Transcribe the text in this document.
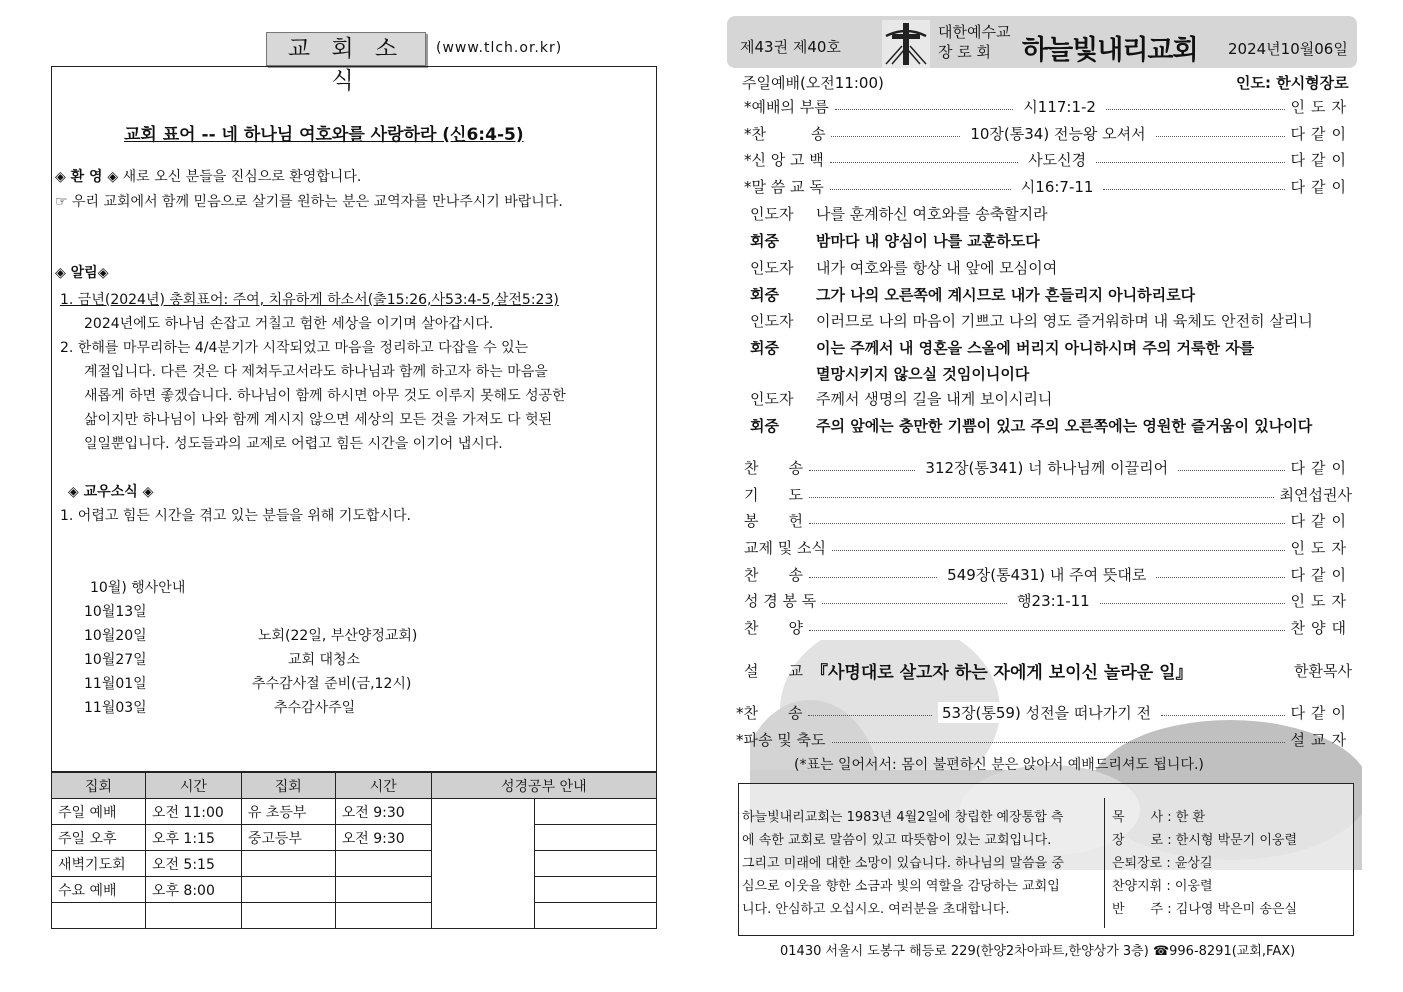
교 회 소 식
(www.tlch.or.kr)
교회 표어 -- 네 하나님 여호와를 사랑하라 (신6:4-5)
◈ 환 영 ◈ 새로 오신 분들을 진심으로 환영합니다.
☞ 우리 교회에서 함께 믿음으로 살기를 원하는 분은 교역자를 만나주시기 바랍니다.
◈ 알림◈
1. 금년(2024년) 총회표어: 주여, 치유하게 하소서(출15:26,사53:4-5,살전5:23)
2024년에도 하나님 손잡고 거칠고 험한 세상을 이기며 살아갑시다.
2. 한해를 마무리하는 4/4분기가 시작되었고 마음을 정리하고 다잡을 수 있는
계절입니다. 다른 것은 다 제쳐두고서라도 하나님과 함께 하고자 하는 마음을
새롭게 하면 좋겠습니다. 하나님이 함께 하시면 아무 것도 이루지 못해도 성공한
삶이지만 하나님이 나와 함께 계시지 않으면 세상의 모든 것을 가져도 다 헛된
일일뿐입니다. 성도들과의 교제로 어렵고 힘든 시간을 이기어 냅시다.
◈ 교우소식 ◈
1. 어렵고 힘든 시간을 겪고 있는 분들을 위해 기도합시다.
10월) 행사안내
10월13일
10월20일	노회(22일, 부산양정교회)
10월27일	교회 대청소
11월01일	추수감사절 준비(금,12시)
11월03일	추수감사주일
집회	시간	집회	시간	성경공부 안내	
주일 예배	오전 11:00	유 초등부	오전 9:30		
주일 오후	오후 1:15	중고등부	오전 9:30		
새벽기도회	오전 5:15				
수요 예배	오후 8:00				

제43권 제40호
대한예수교
장 로 회	하늘빛내리교회 2024년10월06일
주일예배(오전11:00)	인도: 한시형장로
*예배의 부름	시117:1-2	인도자
*찬　　　송	10장(통34) 전능왕 오셔서	다같이
*신 앙 고 백	사도신경	다같이
*말 씀 교 독	시16:7-11	다같이
인도자 나를 훈계하신 여호와를 송축할지라
회중 밤마다 내 양심이 나를 교훈하도다
인도자 내가 여호와를 항상 내 앞에 모심이여
회중 그가 나의 오른쪽에 계시므로 내가 흔들리지 아니하리로다
인도자 이러므로 나의 마음이 기쁘고 나의 영도 즐거워하며 내 육체도 안전히 살리니
회중 이는 주께서 내 영혼을 스올에 버리지 아니하시며 주의 거룩한 자를
멸망시키지 않으실 것임이니이다
인도자 주께서 생명의 길을 내게 보이시리니
회중 주의 앞에는 충만한 기쁨이 있고 주의 오른쪽에는 영원한 즐거움이 있나이다
찬　　송	312장(통341) 너 하나님께 이끌리어	다같이
기　　도	최연섭권사
봉　　헌	다같이
교제 및 소식	인도자
찬　　송	549장(통431) 내 주여 뜻대로	다같이
성 경 봉 독	행23:1-11	인도자
찬　　양	찬양대
설　　교 『사명대로 살고자 하는 자에게 보이신 놀라운 일』	한환목사
*찬　　송	53장(통59) 성전을 떠나가기 전	다같이
*파송 및 축도	설교자
(*표는 일어서서: 몸이 불편하신 분은 앉아서 예배드리셔도 됩니다.)
하늘빛내리교회는 1983년 4월2일에 창립한 예장통합 측
에 속한 교회로 말씀이 있고 따뜻함이 있는 교회입니다.
그리고 미래에 대한 소망이 있습니다. 하나님의 말씀을 중
심으로 이웃을 향한 소금과 빛의 역할을 감당하는 교회입
니다. 안심하고 오십시오. 여러분을 초대합니다.
목　　사 : 한 환
장　　로 : 한시형 박문기 이웅렬
은퇴장로 : 윤상길
찬양지휘 : 이웅렬
반　　주 : 김나영 박은미 송은실
01430 서울시 도봉구 해등로 229(한양2차아파트,한양상가 3층) ☎996-8291(교회,FAX)
